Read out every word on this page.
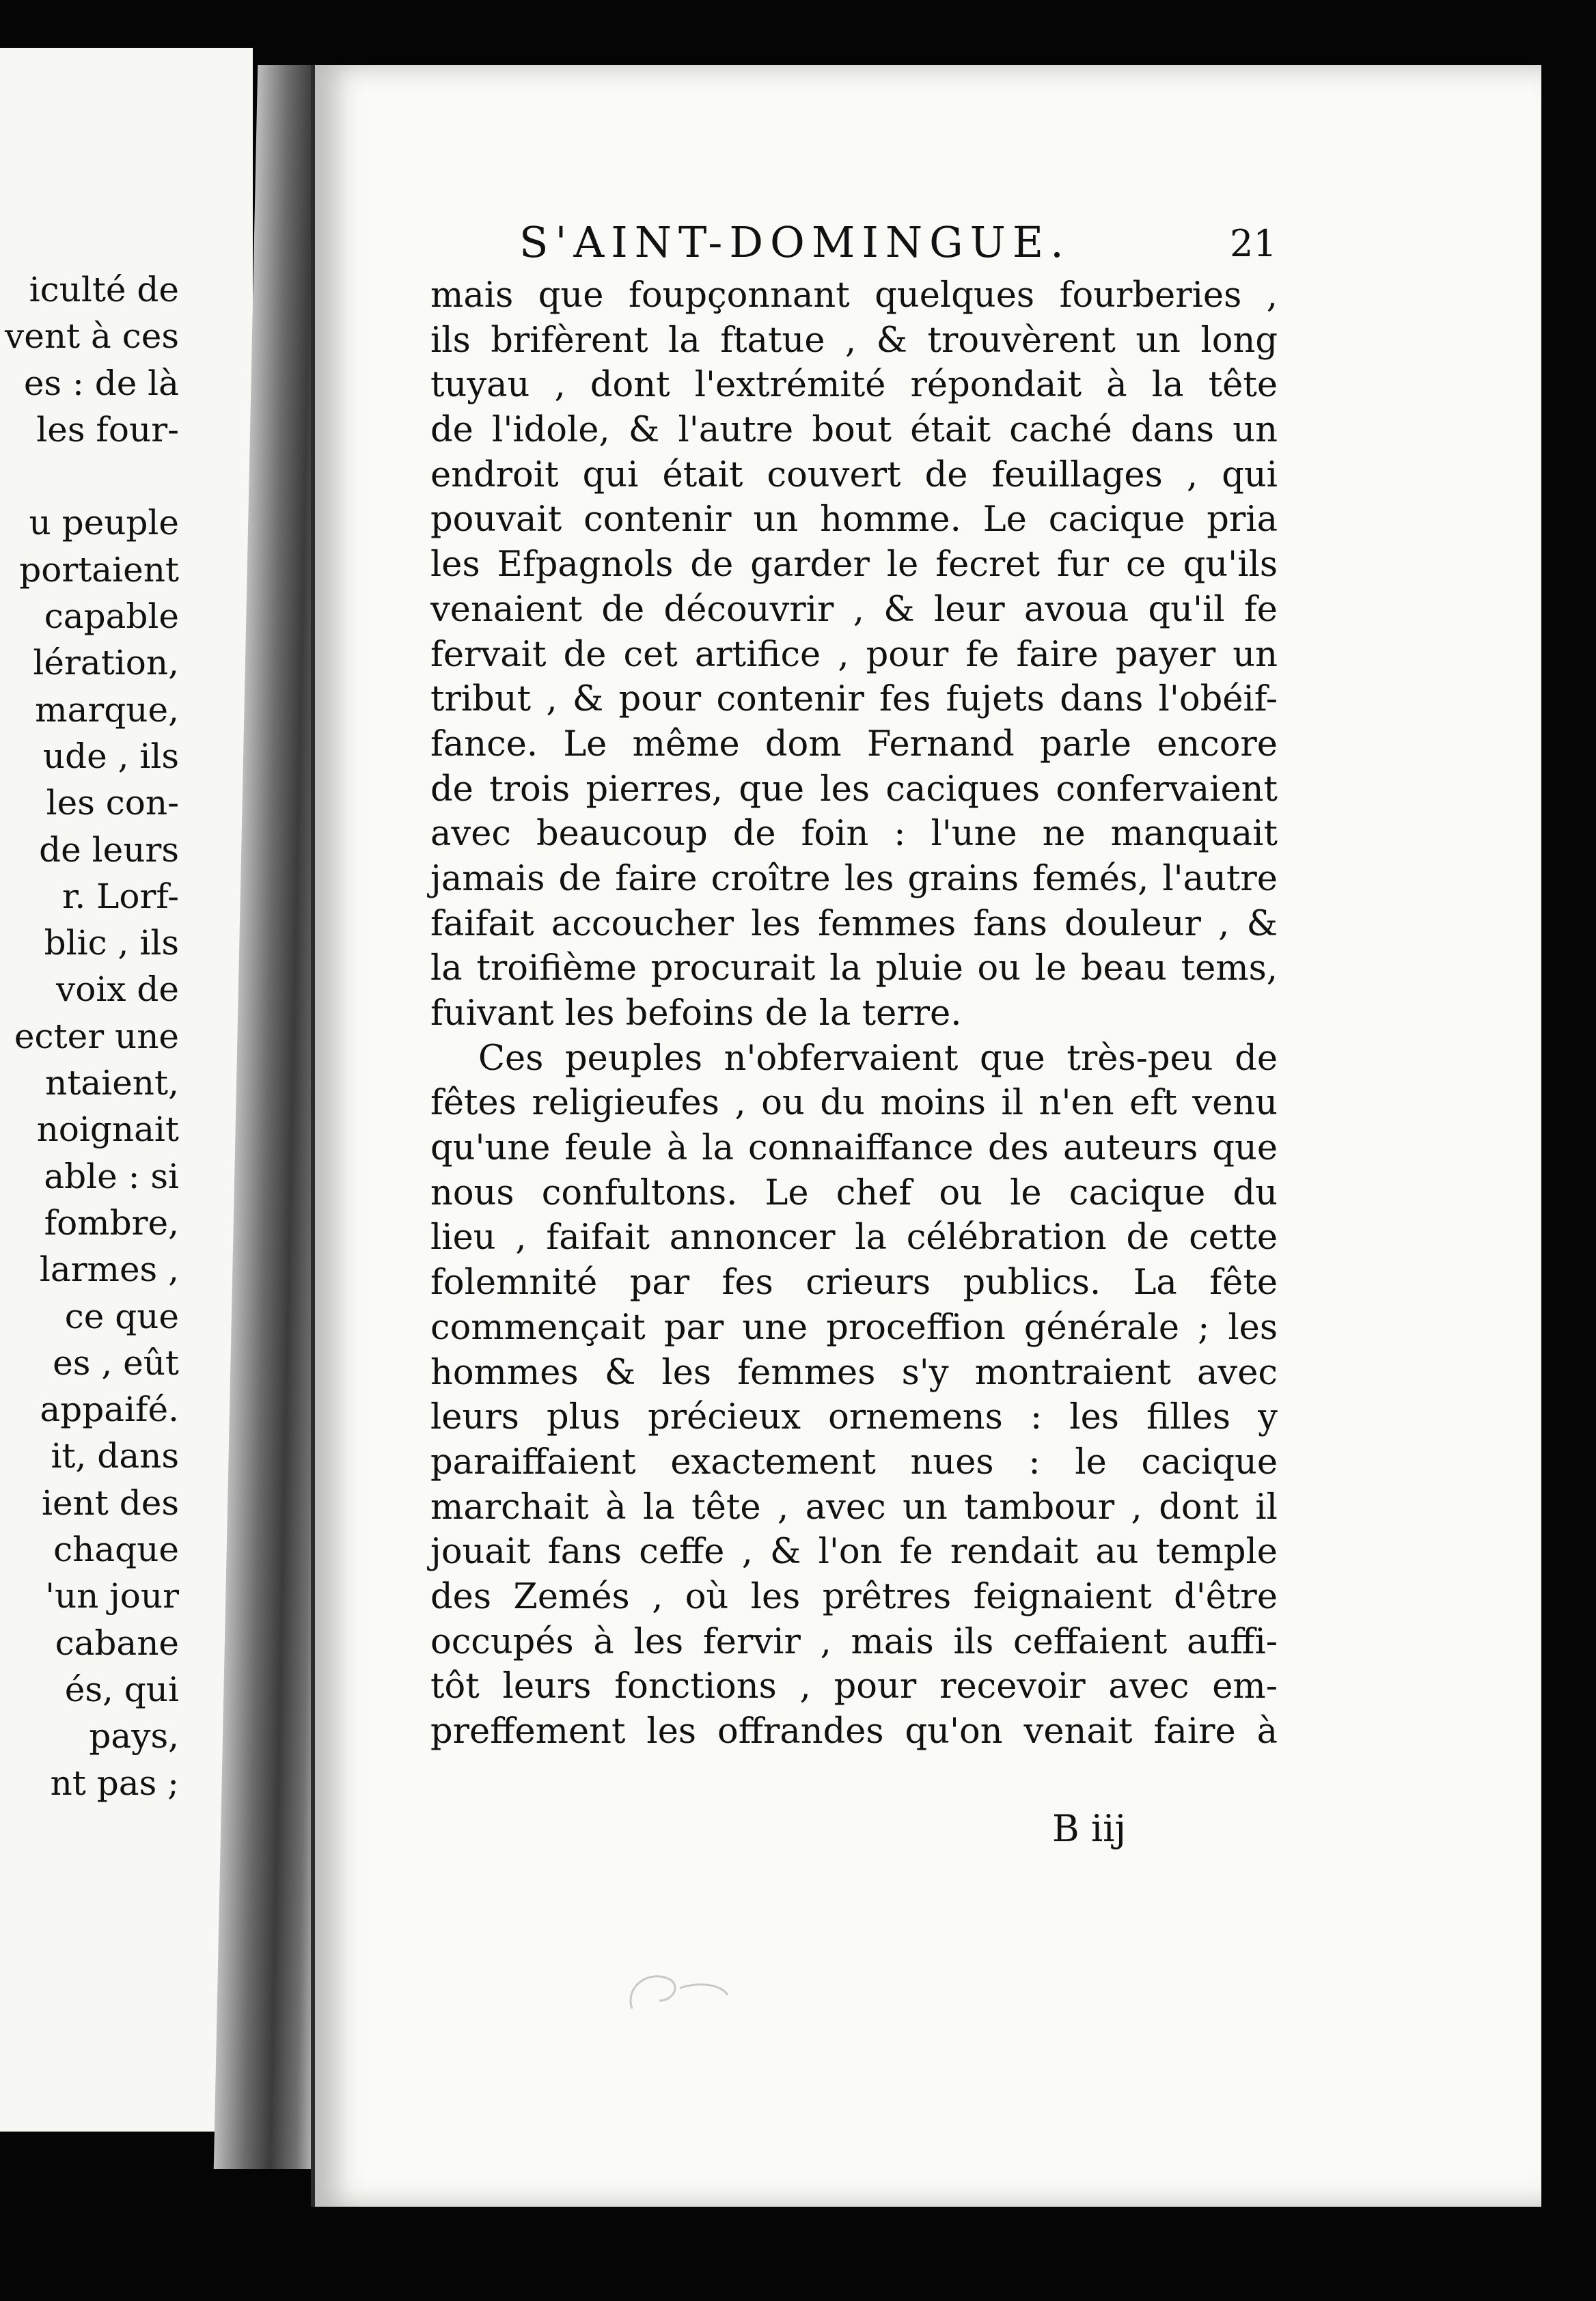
iculté de
vent à ces
es : de là
les four-
u peuple
portaient
capable
lération,
marque,
ude , ils
les con-
de leurs
r. Lorf-
blic , ils
voix de
ecter une
ntaient,
noignait
able : si
fombre,
larmes ,
ce que
es , eût
appaifé.
it, dans
ient des
chaque
'un jour
cabane
és, qui
pays,
nt pas ;
S'AINT-DOMINGUE.	21
mais que foupçonnant quelques fourberies ,
ils brifèrent la ftatue , & trouvèrent un long
tuyau , dont l'extrémité répondait à la tête
de l'idole, & l'autre bout était caché dans un
endroit qui était couvert de feuillages , qui
pouvait contenir un homme. Le cacique pria
les Efpagnols de garder le fecret fur ce qu'ils
venaient de découvrir , & leur avoua qu'il fe
fervait de cet artifice , pour fe faire payer un
tribut , & pour contenir fes fujets dans l'obéif-
fance. Le même dom Fernand parle encore
de trois pierres, que les caciques confervaient
avec beaucoup de foin : l'une ne manquait
jamais de faire croître les grains femés, l'autre
faifait accoucher les femmes fans douleur , &
la troifième procurait la pluie ou le beau tems,
fuivant les befoins de la terre.
Ces peuples n'obfervaient que très-peu de
fêtes religieufes , ou du moins il n'en eft venu
qu'une feule à la connaiffance des auteurs que
nous confultons. Le chef ou le cacique du
lieu , faifait annoncer la célébration de cette
folemnité par fes crieurs publics. La fête
commençait par une proceffion générale ; les
hommes & les femmes s'y montraient avec
leurs plus précieux ornemens : les filles y
paraiffaient exactement nues : le cacique
marchait à la tête , avec un tambour , dont il
jouait fans ceffe , & l'on fe rendait au temple
des Zemés , où les prêtres feignaient d'être
occupés à les fervir , mais ils ceffaient auffi-
tôt leurs fonctions , pour recevoir avec em-
preffement les offrandes qu'on venait faire à
B iij
